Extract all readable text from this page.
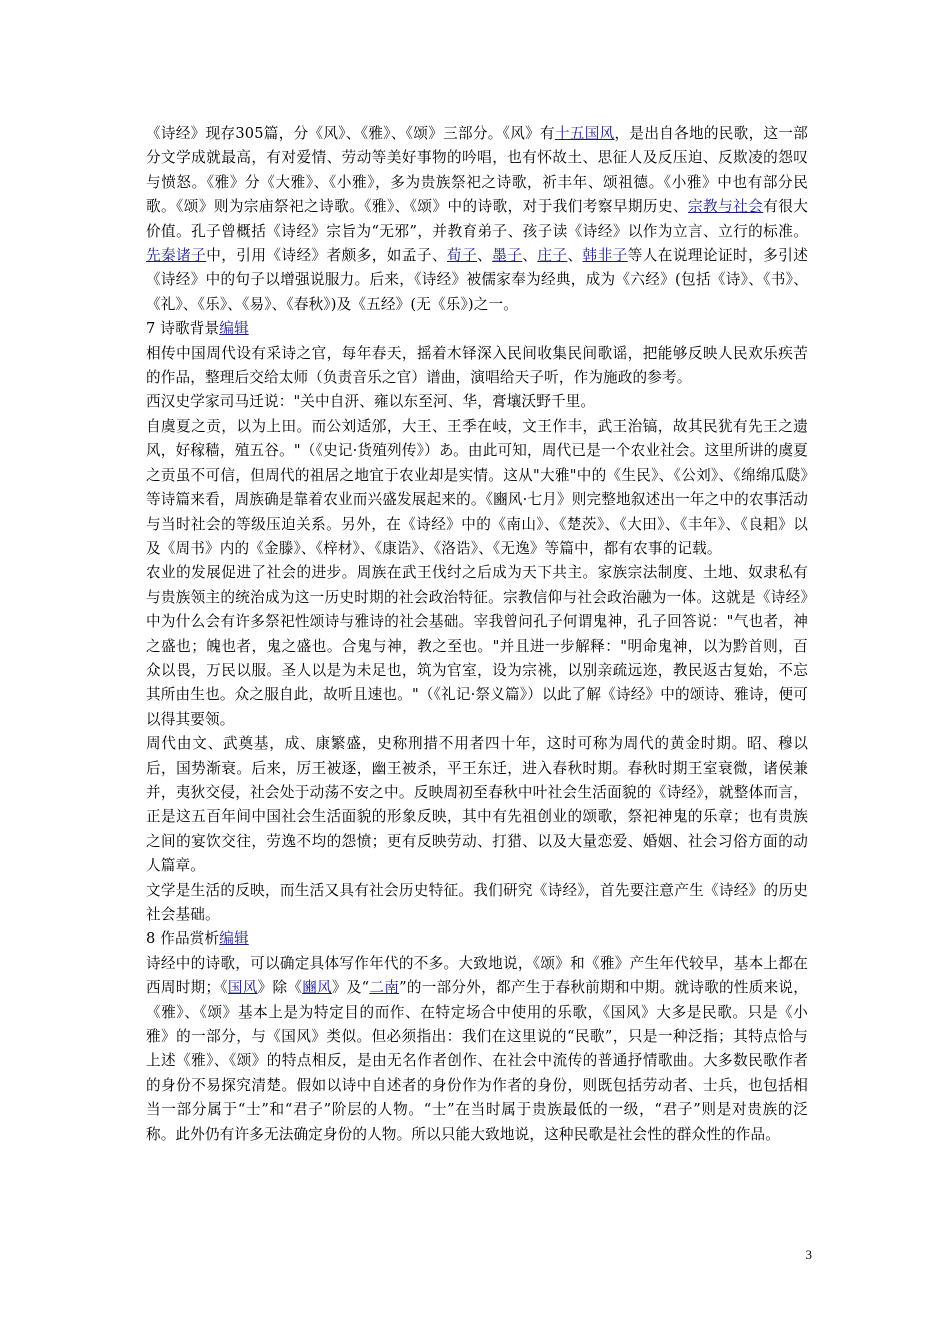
《诗经》现存305篇，分《风》、《雅》、《颂》三部分。《风》有十五国风，是出自各地的民歌，这一部分文学成就最高，有对爱情、劳动等美好事物的吟唱，也有怀故土、思征人及反压迫、反欺凌的怨叹与愤怒。《雅》分《大雅》、《小雅》，多为贵族祭祀之诗歌，祈丰年、颂祖德。《小雅》中也有部分民歌。《颂》则为宗庙祭祀之诗歌。《雅》、《颂》中的诗歌，对于我们考察早期历史、宗教与社会有很大价值。孔子曾概括《诗经》宗旨为“无邪”，并教育弟子、孩子读《诗经》以作为立言、立行的标准。先秦诸子中，引用《诗经》者颇多，如孟子、荀子、墨子、庄子、韩非子等人在说理论证时，多引述《诗经》中的句子以增强说服力。后来，《诗经》被儒家奉为经典，成为《六经》(包括《诗》、《书》、《礼》、《乐》、《易》、《春秋》)及《五经》(无《乐》)之一。

7 诗歌背景编辑

相传中国周代设有采诗之官，每年春天，摇着木铎深入民间收集民间歌谣，把能够反映人民欢乐疾苦的作品，整理后交给太师（负责音乐之官）谱曲，演唱给天子听，作为施政的参考。

西汉史学家司马迁说："关中自汧、雍以东至河、华，膏壤沃野千里。

自虞夏之贡，以为上田。而公刘适邠，大王、王季在岐，文王作丰，武王治镐，故其民犹有先王之遗风，好稼穑，殖五谷。"（《史记·货殖列传》）あ。由此可知，周代已是一个农业社会。这里所讲的虞夏之贡虽不可信，但周代的祖居之地宜于农业却是实情。这从"大雅"中的《生民》、《公刘》、《绵绵瓜瓞》等诗篇来看，周族确是靠着农业而兴盛发展起来的。《豳风·七月》则完整地叙述出一年之中的农事活动与当时社会的等级压迫关系。另外，在《诗经》中的《南山》、《楚茨》、《大田》、《丰年》、《良耜》以及《周书》内的《金滕》、《梓材》、《康诰》、《洛诰》、《无逸》等篇中，都有农事的记载。

农业的发展促进了社会的进步。周族在武王伐纣之后成为天下共主。家族宗法制度、土地、奴隶私有与贵族领主的统治成为这一历史时期的社会政治特征。宗教信仰与社会政治融为一体。这就是《诗经》中为什么会有许多祭祀性颂诗与雅诗的社会基础。宰我曾问孔子何谓鬼神，孔子回答说："气也者，神之盛也；魄也者，鬼之盛也。合鬼与神，教之至也。"并且进一步解释："明命鬼神，以为黔首则，百众以畏，万民以服。圣人以是为未足也，筑为官室，设为宗祧，以别亲疏远迩，教民返古复始，不忘其所由生也。众之服自此，故听且速也。"（《礼记·祭义篇》）以此了解《诗经》中的颂诗、雅诗，便可以得其要领。

周代由文、武奠基，成、康繁盛，史称刑措不用者四十年，这时可称为周代的黄金时期。昭、穆以后，国势渐衰。后来，厉王被逐，幽王被杀，平王东迁，进入春秋时期。春秋时期王室衰微，诸侯兼并，夷狄交侵，社会处于动荡不安之中。反映周初至春秋中叶社会生活面貌的《诗经》，就整体而言，正是这五百年间中国社会生活面貌的形象反映，其中有先祖创业的颂歌，祭祀神鬼的乐章；也有贵族之间的宴饮交往，劳逸不均的怨愤；更有反映劳动、打猎、以及大量恋爱、婚姻、社会习俗方面的动人篇章。

文学是生活的反映，而生活又具有社会历史特征。我们研究《诗经》，首先要注意产生《诗经》的历史社会基础。

8 作品赏析编辑

诗经中的诗歌，可以确定具体写作年代的不多。大致地说，《颂》和《雅》产生年代较早，基本上都在西周时期；《国风》除《豳风》及“二南”的一部分外，都产生于春秋前期和中期。就诗歌的性质来说，《雅》、《颂》基本上是为特定目的而作、在特定场合中使用的乐歌，《国风》大多是民歌。只是《小雅》的一部分，与《国风》类似。但必须指出：我们在这里说的“民歌”，只是一种泛指；其特点恰与上述《雅》、《颂》的特点相反，是由无名作者创作、在社会中流传的普通抒情歌曲。大多数民歌作者的身份不易探究清楚。假如以诗中自述者的身份作为作者的身份，则既包括劳动者、士兵，也包括相当一部分属于“士”和“君子”阶层的人物。“士”在当时属于贵族最低的一级，“君子”则是对贵族的泛称。此外仍有许多无法确定身份的人物。所以只能大致地说，这种民歌是社会性的群众性的作品。

3
